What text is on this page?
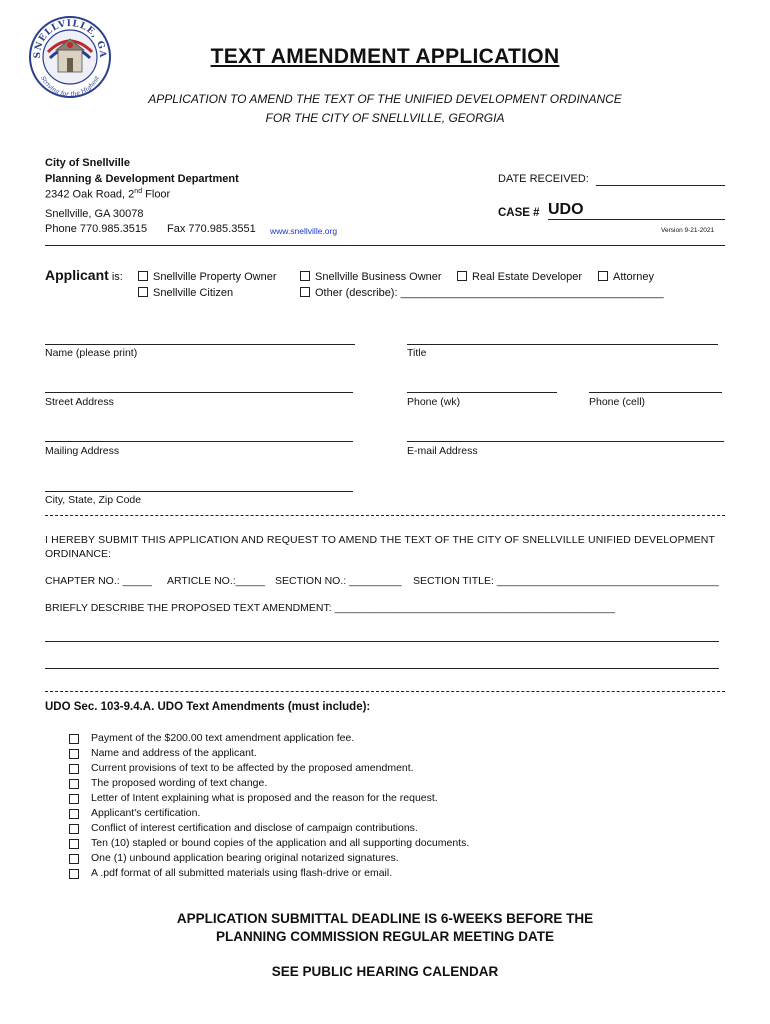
SNELLVILLE, GA
Striving for the Highest
TEXT AMENDMENT APPLICATION
APPLICATION TO AMEND THE TEXT OF THE UNIFIED DEVELOPMENT ORDINANCE
FOR THE CITY OF SNELLVILLE, GEORGIA
City of Snellville
Planning & Development Department
2342 Oak Road, 2nd Floor
Snellville, GA 30078
Phone 770.985.3515 Fax 770.985.3551 www.snellville.org
DATE RECEIVED:
CASE # UDO
Version 9-21-2021
Applicant is:	Snellville Property Owner	Snellville Business Owner	Real Estate Developer	Attorney
Snellville Citizen	Other (describe): ___________________________________________
Name (please print)	Title
Street Address	Phone (wk)	Phone (cell)
Mailing Address	E-mail Address
City, State, Zip Code
I HEREBY SUBMIT THIS APPLICATION AND REQUEST TO AMEND THE TEXT OF THE CITY OF SNELLVILLE UNIFIED DEVELOPMENT
ORDINANCE:
CHAPTER NO.: _____ ARTICLE NO.:_____ SECTION NO.: _________ SECTION TITLE: ______________________________________
BRIEFLY DESCRIBE THE PROPOSED TEXT AMENDMENT: ________________________________________________
UDO Sec. 103-9.4.A. UDO Text Amendments (must include):
Payment of the $200.00 text amendment application fee.
Name and address of the applicant.
Current provisions of text to be affected by the proposed amendment.
The proposed wording of text change.
Letter of Intent explaining what is proposed and the reason for the request.
Applicant's certification.
Conflict of interest certification and disclose of campaign contributions.
Ten (10) stapled or bound copies of the application and all supporting documents.
One (1) unbound application bearing original notarized signatures.
A .pdf format of all submitted materials using flash-drive or email.
APPLICATION SUBMITTAL DEADLINE IS 6-WEEKS BEFORE THE
PLANNING COMMISSION REGULAR MEETING DATE
SEE PUBLIC HEARING CALENDAR
